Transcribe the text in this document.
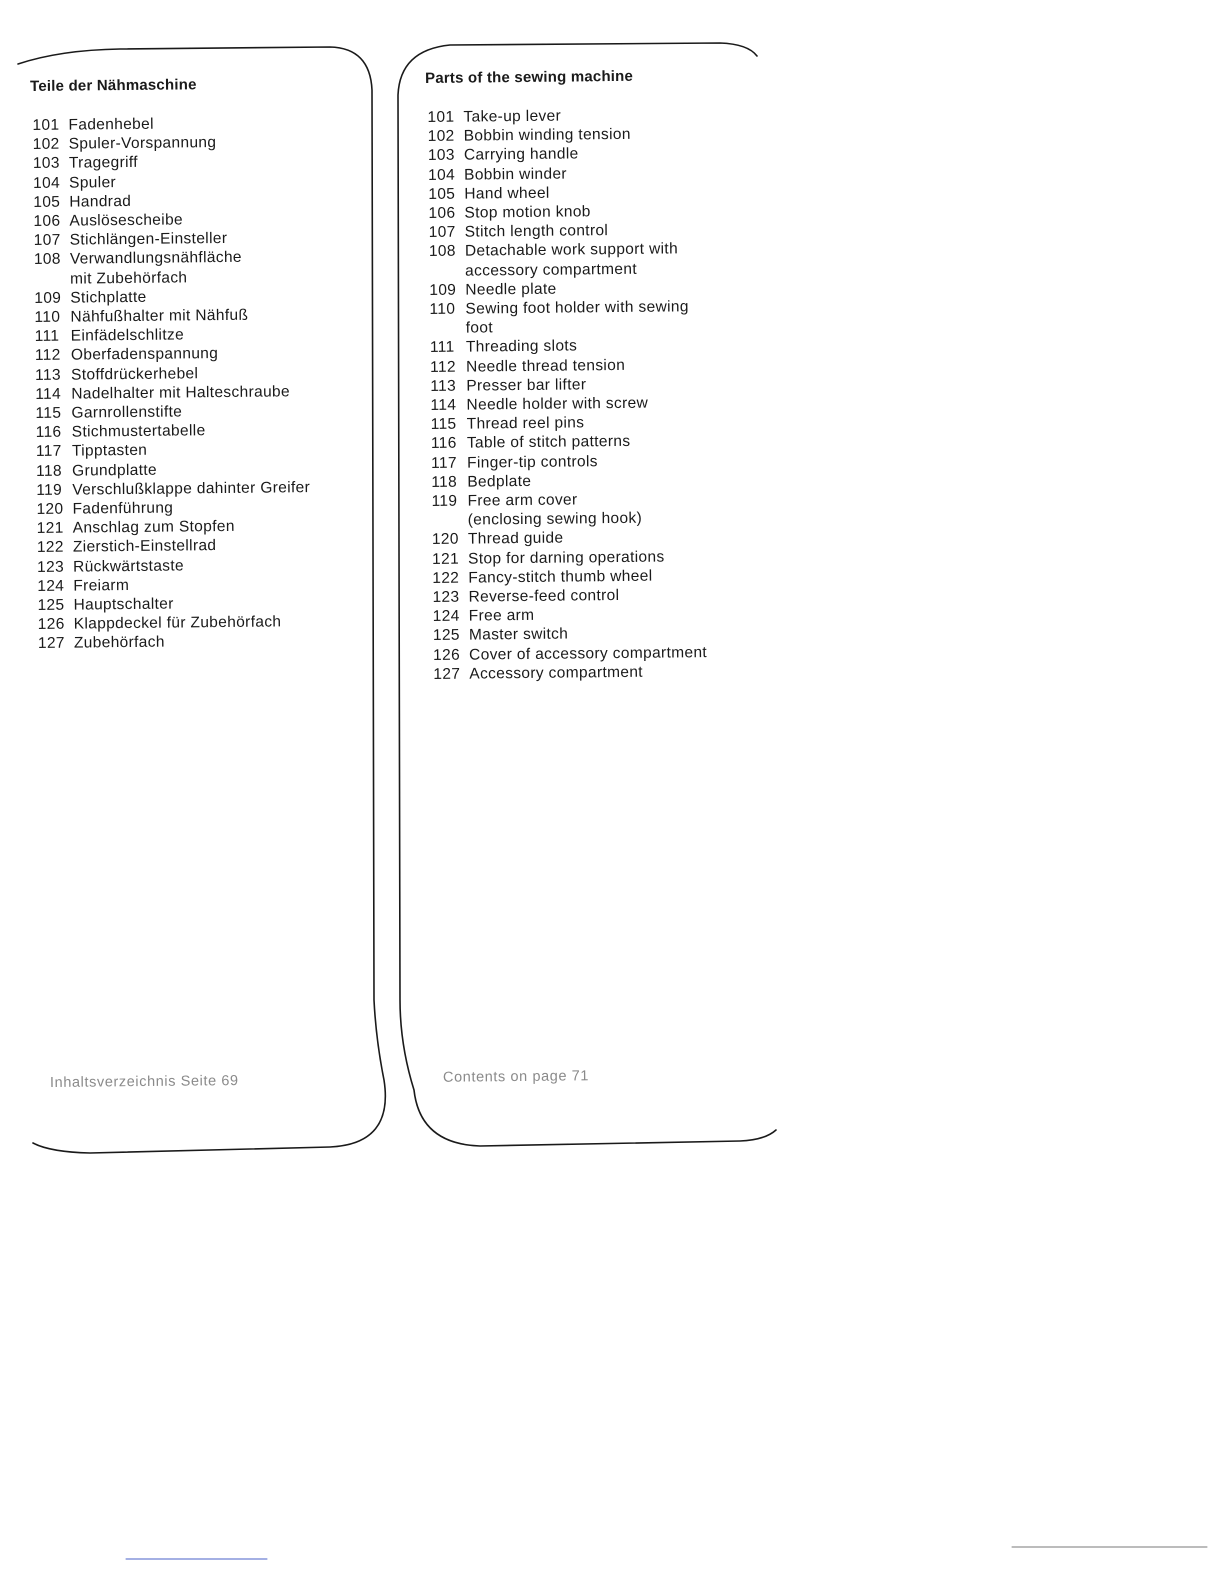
Teile der Nähmaschine
101 Fadenhebel
102 Spuler-Vorspannung
103 Tragegriff
104 Spuler
105 Handrad
106 Auslösescheibe
107 Stichlängen-Einsteller
108 Verwandlungsnähfläche
mit Zubehörfach
109 Stichplatte
110 Nähfußhalter mit Nähfuß
111 Einfädelschlitze
112 Oberfadenspannung
113 Stoffdrückerhebel
114 Nadelhalter mit Halteschraube
115 Garnrollenstifte
116 Stichmustertabelle
117 Tipptasten
118 Grundplatte
119 Verschlußklappe dahinter Greifer
120 Fadenführung
121 Anschlag zum Stopfen
122 Zierstich-Einstellrad
123 Rückwärtstaste
124 Freiarm
125 Hauptschalter
126 Klappdeckel für Zubehörfach
127 Zubehörfach
Inhaltsverzeichnis Seite 69
Parts of the sewing machine
101 Take-up lever
102 Bobbin winding tension
103 Carrying handle
104 Bobbin winder
105 Hand wheel
106 Stop motion knob
107 Stitch length control
108 Detachable work support with
accessory compartment
109 Needle plate
110 Sewing foot holder with sewing
foot
111 Threading slots
112 Needle thread tension
113 Presser bar lifter
114 Needle holder with screw
115 Thread reel pins
116 Table of stitch patterns
117 Finger-tip controls
118 Bedplate
119 Free arm cover
(enclosing sewing hook)
120 Thread guide
121 Stop for darning operations
122 Fancy-stitch thumb wheel
123 Reverse-feed control
124 Free arm
125 Master switch
126 Cover of accessory compartment
127 Accessory compartment
Contents on page 71
